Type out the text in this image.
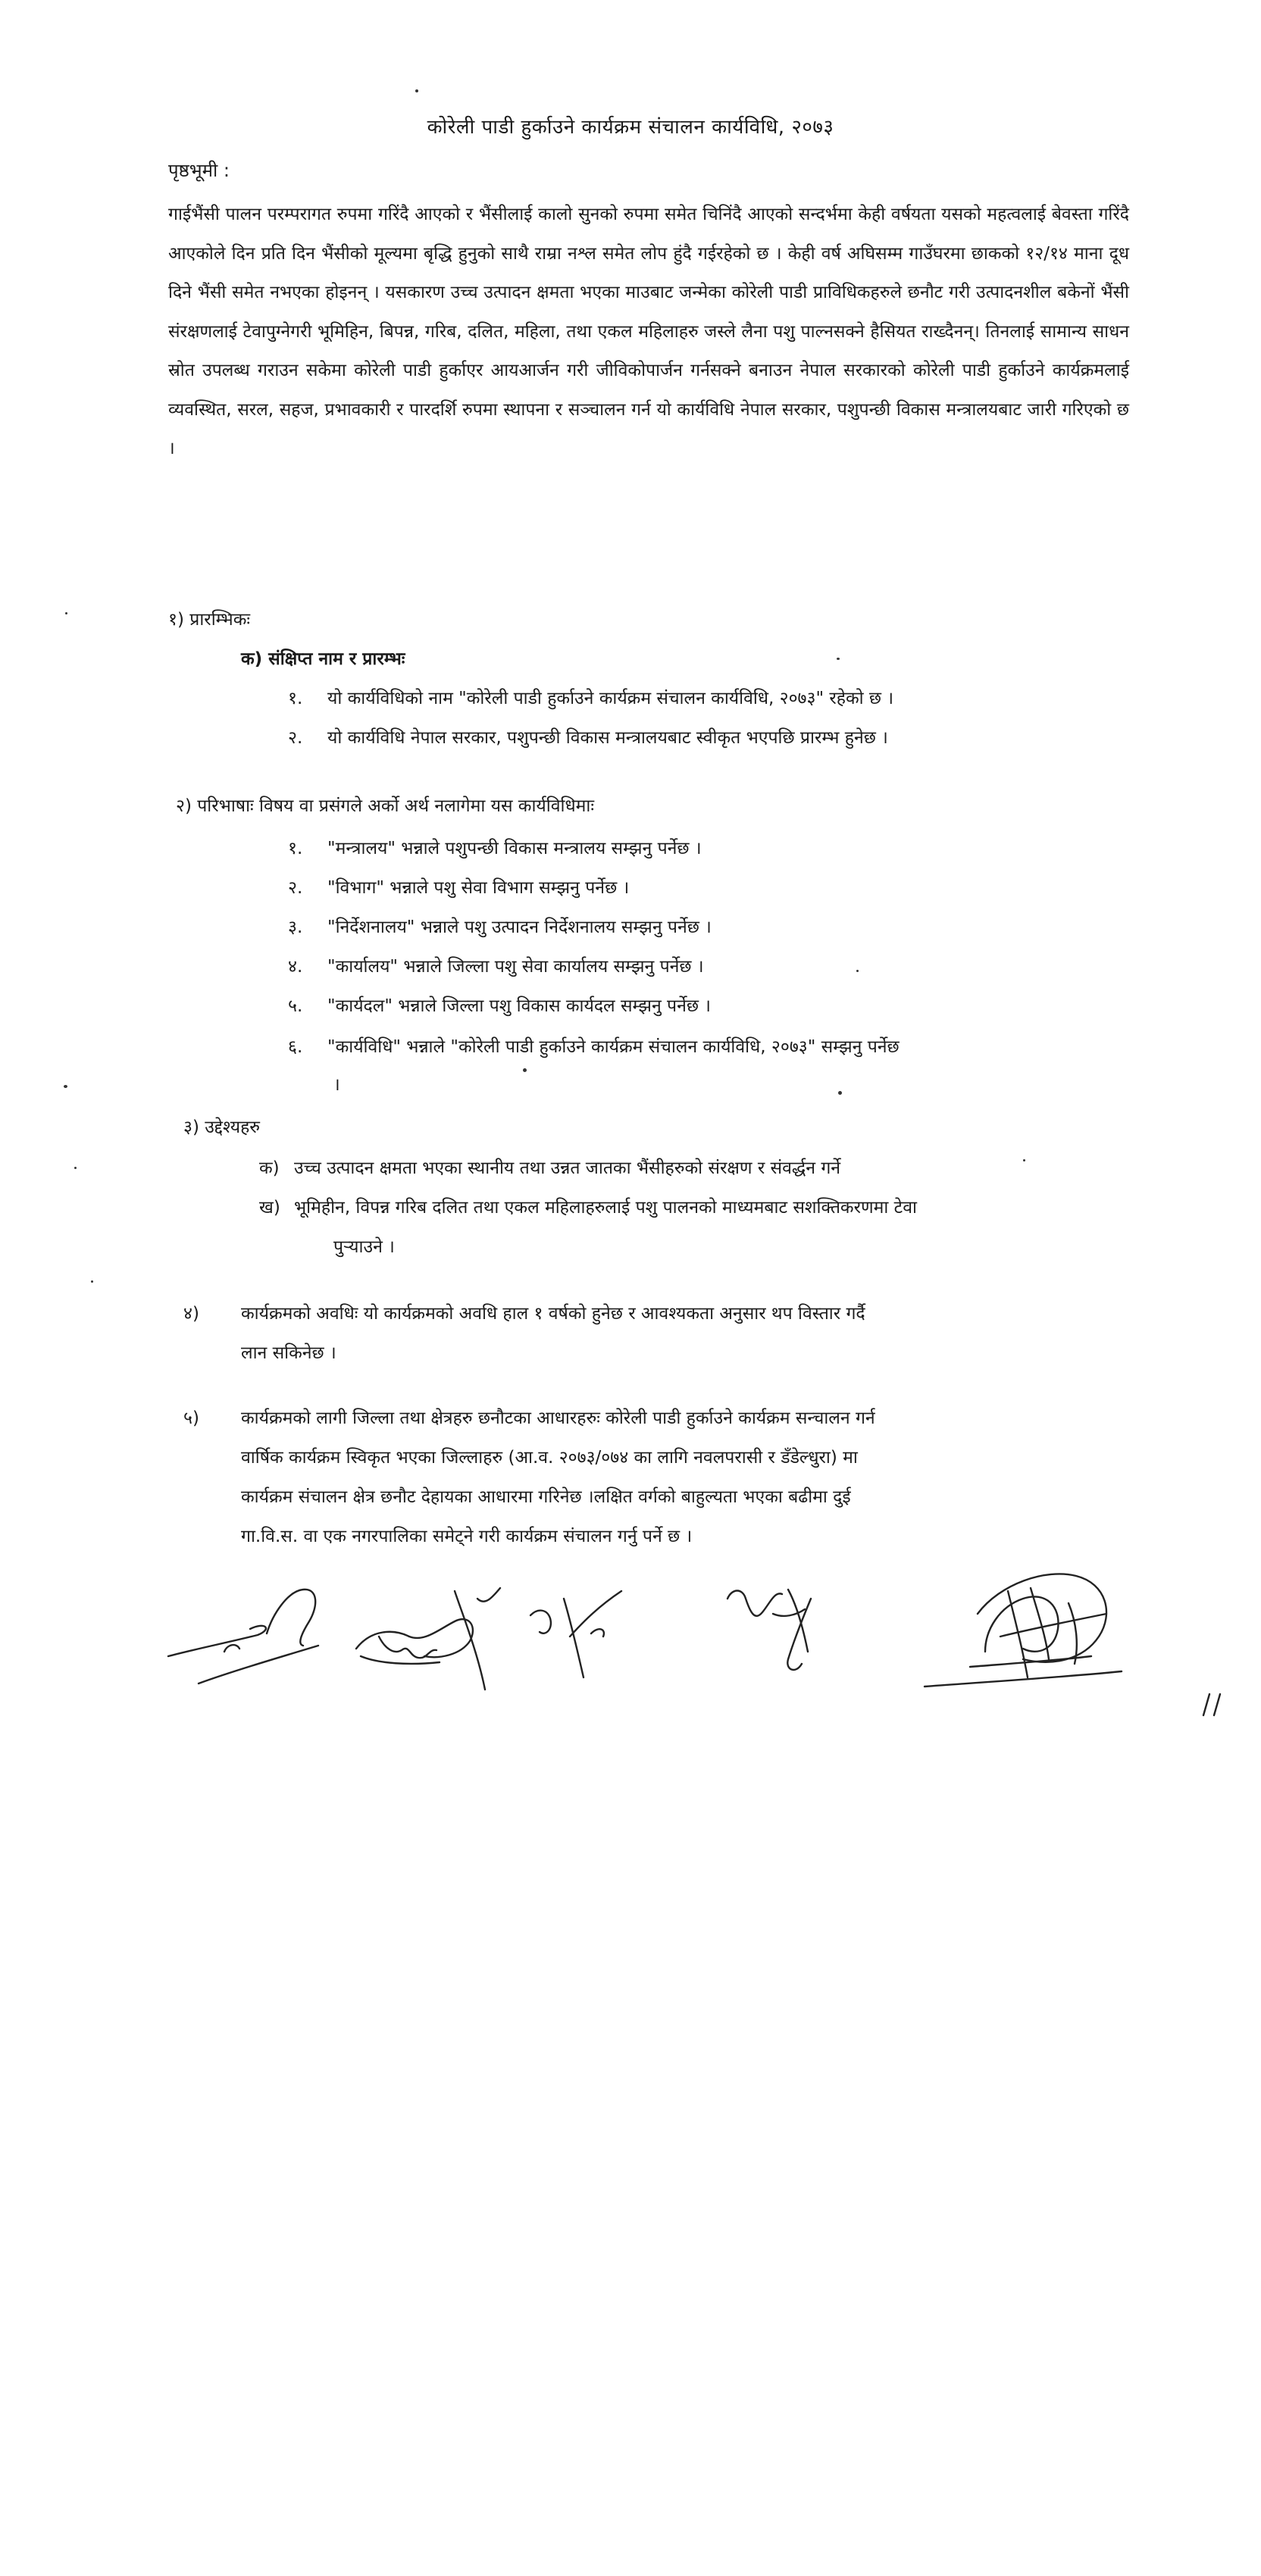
कोरेली पाडी हुर्काउने कार्यक्रम संचालन कार्यविधि, २०७३
पृष्ठभूमी :
गाईभैंसी पालन परम्परागत रुपमा गरिंदै आएको र भैंसीलाई कालो सुनको रुपमा समेत चिनिंदै आएको सन्दर्भमा केही वर्षयता यसको महत्वलाई बेवस्ता गरिंदै आएकोले दिन प्रति दिन भैंसीको मूल्यमा बृद्धि हुनुको साथै राम्रा नश्ल समेत लोप हुंदै गईरहेको छ । केही वर्ष अघिसम्म गाउँघरमा छाकको १२/१४ माना दूध दिने भैंसी समेत नभएका होइनन् । यसकारण उच्च उत्पादन क्षमता भएका माउबाट जन्मेका कोरेली पाडी प्राविधिकहरुले छनौट गरी उत्पादनशील बकेनों भैंसी संरक्षणलाई टेवापुग्नेगरी भूमिहिन, बिपन्न, गरिब, दलित, महिला, तथा एकल महिलाहरु जस्ले लैना पशु पाल्नसक्ने हैसियत राख्दैनन्। तिनलाई सामान्य साधन स्रोत उपलब्ध गराउन सकेमा कोरेली पाडी हुर्काएर आयआर्जन गरी जीविकोपार्जन गर्नसक्ने बनाउन नेपाल सरकारको कोरेली पाडी हुर्काउने कार्यक्रमलाई व्यवस्थित, सरल, सहज, प्रभावकारी र पारदर्शि रुपमा स्थापना र सञ्चालन गर्न यो कार्यविधि नेपाल सरकार, पशुपन्छी विकास मन्त्रालयबाट जारी गरिएको छ ।
१) प्रारम्भिकः
क) संक्षिप्त नाम र प्रारम्भः
१. यो कार्यविधिको नाम "कोरेली पाडी हुर्काउने कार्यक्रम संचालन कार्यविधि, २०७३" रहेको छ ।
२. यो कार्यविधि नेपाल सरकार, पशुपन्छी विकास मन्त्रालयबाट स्वीकृत भएपछि प्रारम्भ हुनेछ ।
२) परिभाषाः विषय वा प्रसंगले अर्को अर्थ नलागेमा यस कार्यविधिमाः
१. "मन्त्रालय" भन्नाले पशुपन्छी विकास मन्त्रालय सम्झनु पर्नेछ ।
२. "विभाग" भन्नाले पशु सेवा विभाग सम्झनु पर्नेछ ।
३. "निर्देशनालय" भन्नाले पशु उत्पादन निर्देशनालय सम्झनु पर्नेछ ।
४. "कार्यालय" भन्नाले जिल्ला पशु सेवा कार्यालय सम्झनु पर्नेछ ।
५. "कार्यदल" भन्नाले जिल्ला पशु विकास कार्यदल सम्झनु पर्नेछ ।
६. "कार्यविधि" भन्नाले "कोरेली पाडी हुर्काउने कार्यक्रम संचालन कार्यविधि, २०७३" सम्झनु पर्नेछ
।
३) उद्देश्यहरु
क) उच्च उत्पादन क्षमता भएका स्थानीय तथा उन्नत जातका भैंसीहरुको संरक्षण र संवर्द्धन गर्ने
ख) भूमिहीन, विपन्न गरिब दलित तथा एकल महिलाहरुलाई पशु पालनको माध्यमबाट सशक्तिकरणमा टेवा
पुर्‍याउने ।
४) कार्यक्रमको अवधिः यो कार्यक्रमको अवधि हाल १ वर्षको हुनेछ र आवश्यकता अनुसार थप विस्तार गर्दै
लान सकिनेछ ।
५) कार्यक्रमको लागी जिल्ला तथा क्षेत्रहरु छनौटका आधारहरुः कोरेली पाडी हुर्काउने कार्यक्रम सन्चालन गर्न
वार्षिक कार्यक्रम स्विकृत भएका जिल्लाहरु (आ.व. २०७३/०७४ का लागि नवलपरासी र डँडेल्धुरा) मा
कार्यक्रम संचालन क्षेत्र छनौट देहायका आधारमा गरिनेछ ।लक्षित वर्गको बाहुल्यता भएका बढीमा दुई
गा.वि.स. वा एक नगरपालिका समेट्ने गरी कार्यक्रम संचालन गर्नु पर्ने छ ।
